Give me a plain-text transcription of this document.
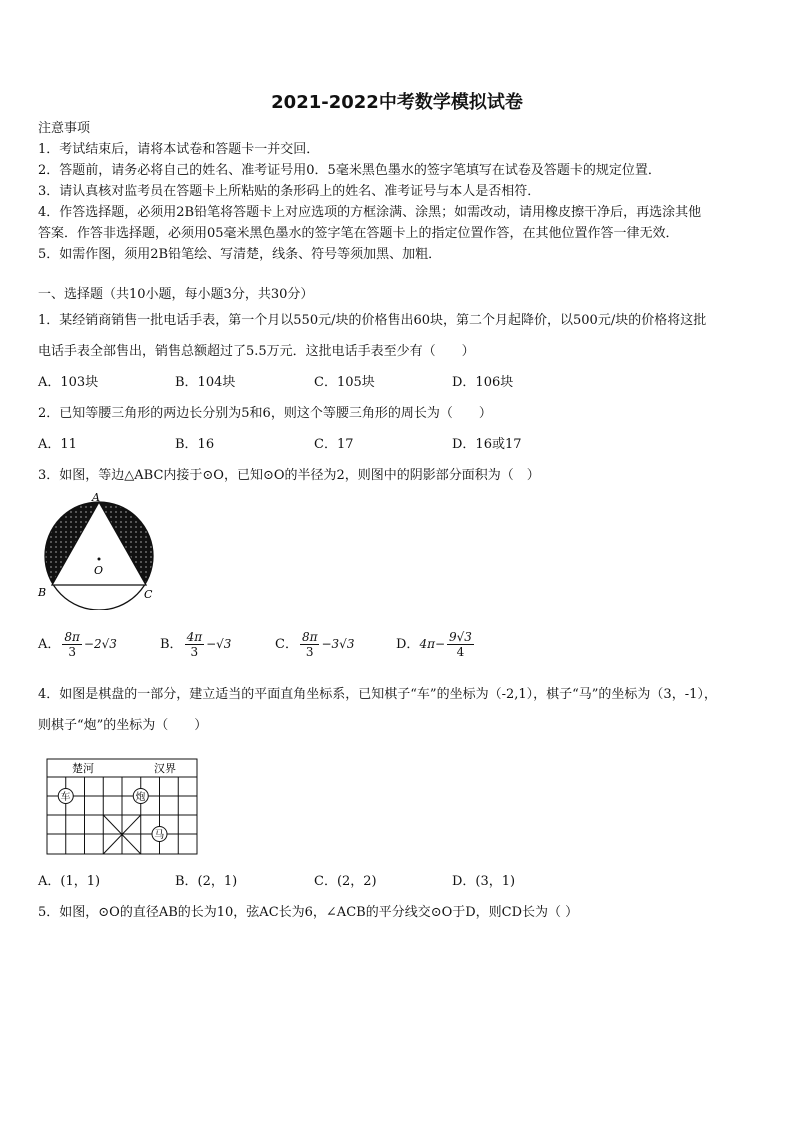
2021-2022中考数学模拟试卷
注意事项
1．考试结束后，请将本试卷和答题卡一并交回．
2．答题前，请务必将自己的姓名、准考证号用0．5毫米黑色墨水的签字笔填写在试卷及答题卡的规定位置．
3．请认真核对监考员在答题卡上所粘贴的条形码上的姓名、准考证号与本人是否相符．
4．作答选择题，必须用2B铅笔将答题卡上对应选项的方框涂满、涂黑；如需改动，请用橡皮擦干净后，再选涂其他
答案．作答非选择题，必须用05毫米黑色墨水的签字笔在答题卡上的指定位置作答，在其他位置作答一律无效．
5．如需作图，须用2B铅笔绘、写清楚，线条、符号等须加黑、加粗．
一、选择题（共10小题，每小题3分，共30分）
1．某经销商销售一批电话手表，第一个月以550元/块的价格售出60块，第二个月起降价，以500元/块的价格将这批
电话手表全部售出，销售总额超过了5.5万元．这批电话手表至少有（　　）
A．103块	B．104块	C．105块	D．106块
2．已知等腰三角形的两边长分别为5和6，则这个等腰三角形的周长为（　　）
A．11	B．16	C．17	D．16或17
3．如图，等边△ABC内接于⊙O，已知⊙O的半径为2，则图中的阴影部分面积为（　）
A
B	C
O
A． $\frac{8\pi}{3} -2√3$	B． $\frac{4\pi}{3} -√3$	C． $\frac{8\pi}{3} -3√3$	D．$4\pi- \frac{9√3}{4}$
4．如图是棋盘的一部分，建立适当的平面直角坐标系，已知棋子“车”的坐标为（-2,1），棋子“马”的坐标为（3，-1），
则棋子“炮”的坐标为（　　）
楚河	汉界
车	炮
马
A．(1，1)	B．(2，1)	C．(2，2)	D．(3，1)
5．如图，⊙O的直径AB的长为10，弦AC长为6，∠ACB的平分线交⊙O于D，则CD长为（ ）
